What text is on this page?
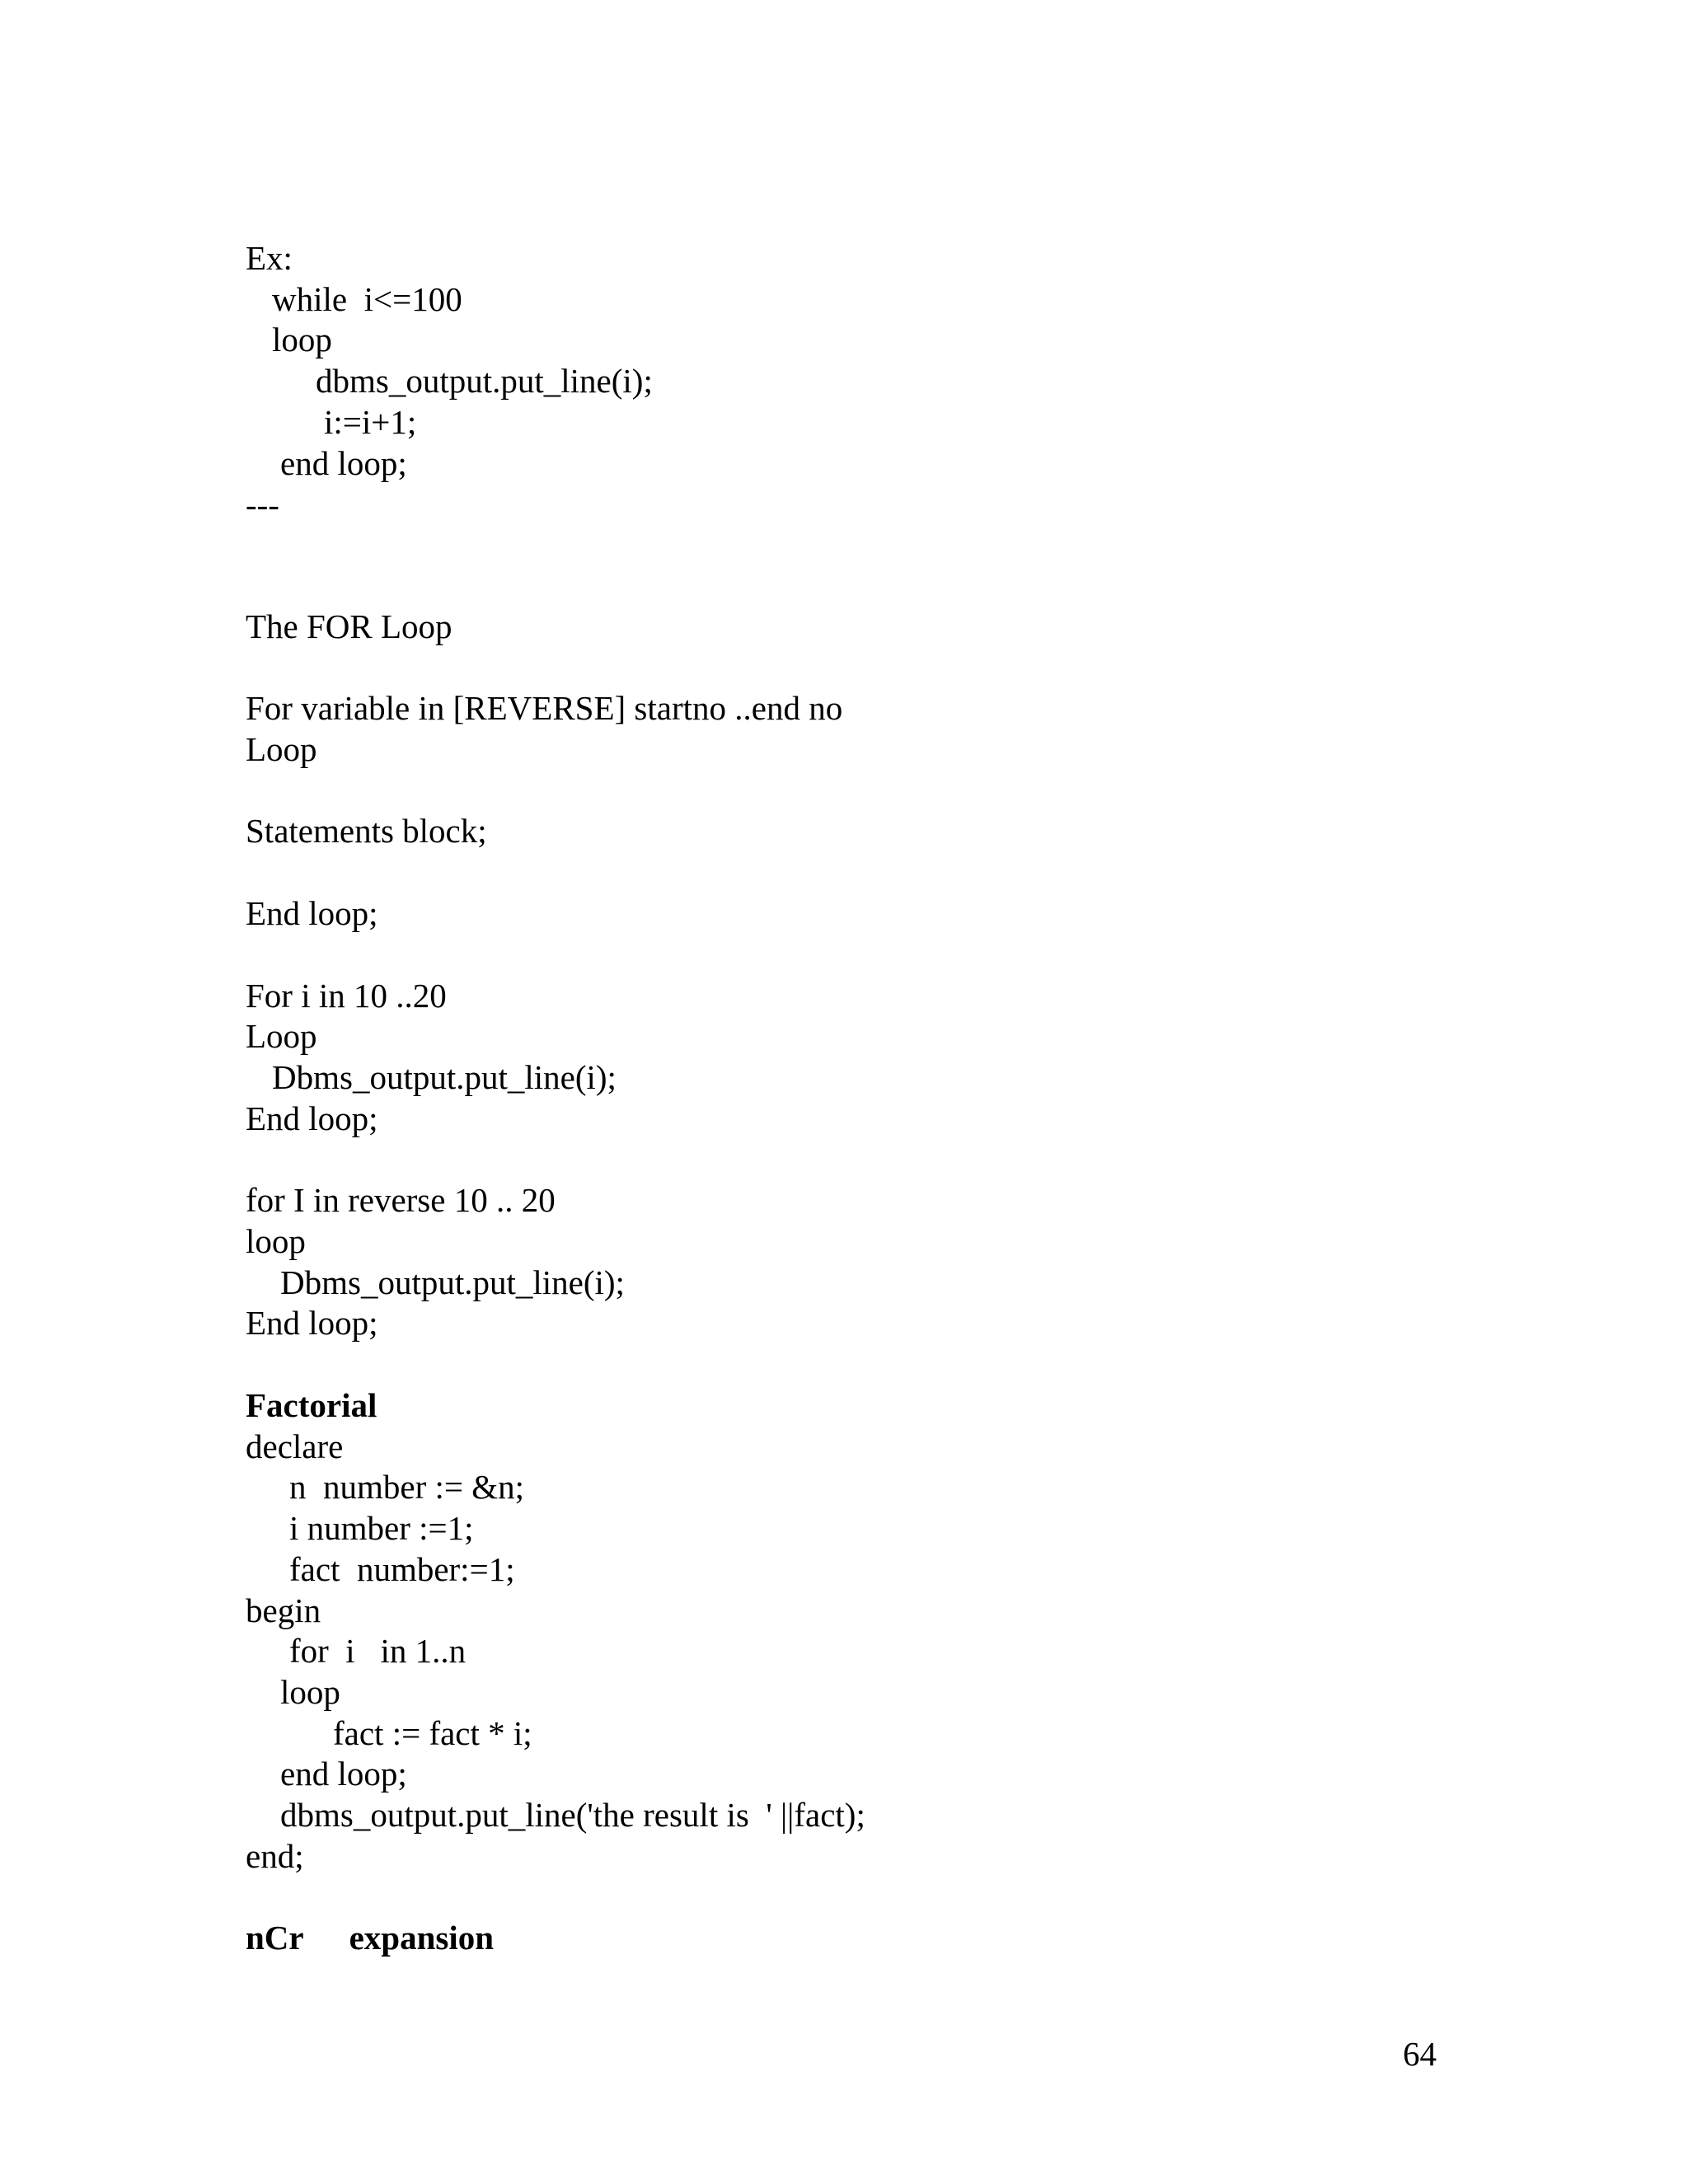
Ex:
while  i<=100
loop
dbms_output.put_line(i);
i:=i+1;
end loop;
---
The FOR Loop
For variable in [REVERSE] startno ..end no
Loop
Statements block;
End loop;
For i in 10 ..20
Loop
Dbms_output.put_line(i);
End loop;
for I in reverse 10 .. 20
loop
Dbms_output.put_line(i);
End loop;
Factorial
declare
n  number := &n;
i number :=1;
fact  number:=1;
begin
for  i   in 1..n
loop
fact := fact * i;
end loop;
dbms_output.put_line('the result is  ' ||fact);
end;
nCr expansion
64
